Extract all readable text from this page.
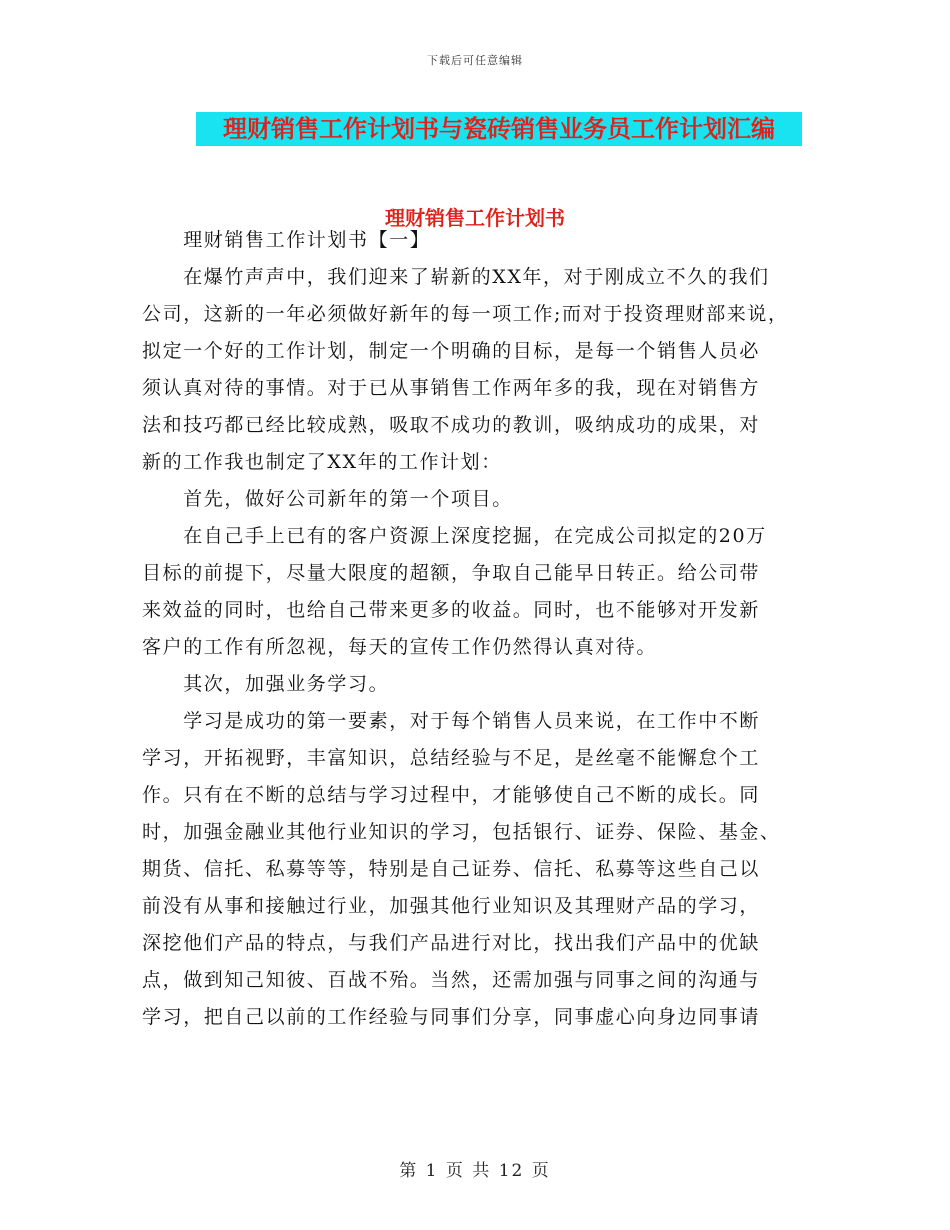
下载后可任意编辑
理财销售工作计划书与瓷砖销售业务员工作计划汇编
理财销售工作计划书

　　理财销售工作计划书【一】

　　在爆竹声声中，我们迎来了崭新的XX年，对于刚成立不久的我们
公司，这新的一年必须做好新年的每一项工作;而对于投资理财部来说，
拟定一个好的工作计划，制定一个明确的目标，是每一个销售人员必
须认真对待的事情。对于已从事销售工作两年多的我，现在对销售方
法和技巧都已经比较成熟，吸取不成功的教训，吸纳成功的成果，对
新的工作我也制定了XX年的工作计划：

　　首先，做好公司新年的第一个项目。

　　在自己手上已有的客户资源上深度挖掘，在完成公司拟定的20万
目标的前提下，尽量大限度的超额，争取自己能早日转正。给公司带
来效益的同时，也给自己带来更多的收益。同时，也不能够对开发新
客户的工作有所忽视，每天的宣传工作仍然得认真对待。

　　其次，加强业务学习。

　　学习是成功的第一要素，对于每个销售人员来说，在工作中不断
学习，开拓视野，丰富知识，总结经验与不足，是丝毫不能懈怠个工
作。只有在不断的总结与学习过程中，才能够使自己不断的成长。同
时，加强金融业其他行业知识的学习，包括银行、证券、保险、基金、
期货、信托、私募等等，特别是自己证券、信托、私募等这些自己以
前没有从事和接触过行业，加强其他行业知识及其理财产品的学习，
深挖他们产品的特点，与我们产品进行对比，找出我们产品中的优缺
点，做到知己知彼、百战不殆。当然，还需加强与同事之间的沟通与
学习，把自己以前的工作经验与同事们分享，同事虚心向身边同事请

第 1 页 共 12 页
